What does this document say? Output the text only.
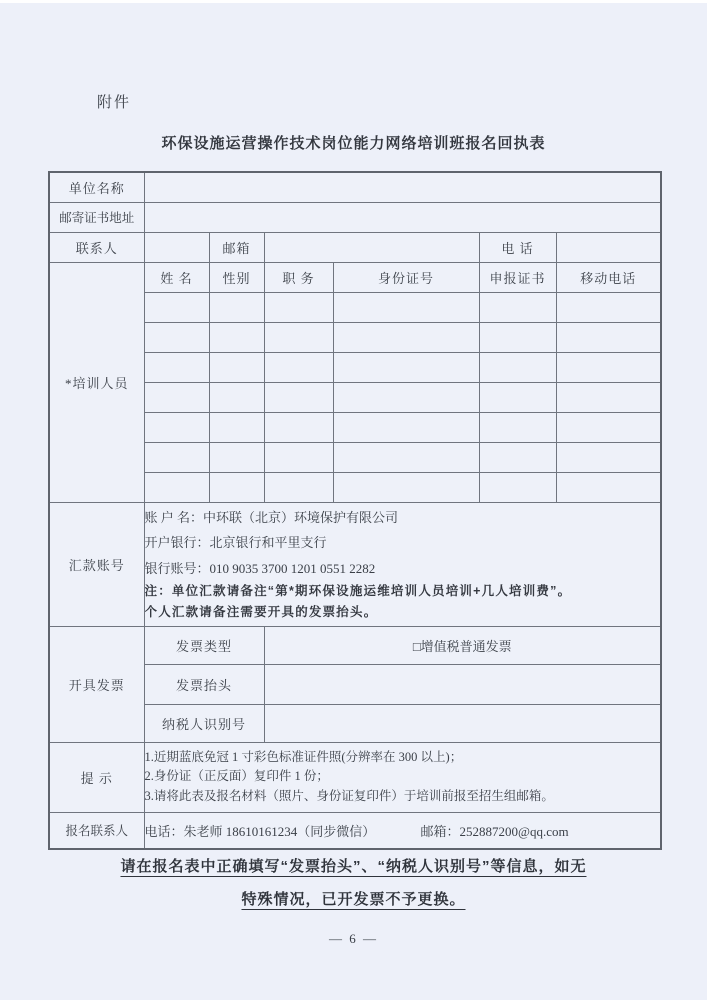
附件
环保设施运营操作技术岗位能力网络培训班报名回执表
单位名称						
邮寄证书地址						
联系人		邮箱			电 话	
*培训人员	姓 名	性别	职 务	身份证号	申报证书	移动电话

汇款账号	账 户 名：中环联（北京）环境保护有限公司
开户银行：北京银行和平里支行
银行账号：010 9035 3700 1201 0551 2282
注：单位汇款请备注“第*期环保设施运维培训人员培训+几人培训费”。
个人汇款请备注需要开具的发票抬头。					

开具发票	发票类型		□增值税普通发票			
	发票抬头					
	纳税人识别号					
提 示	1.近期蓝底免冠 1 寸彩色标准证件照(分辨率在 300 以上)；
2.身份证（正反面）复印件 1 份；
3.请将此表及报名材料（照片、身份证复印件）于培训前报至招生组邮箱。					

报名联系人	电话：朱老师 18610161234（同步微信） 邮箱：252887200@qq.com					
请在报名表中正确填写“发票抬头”、“纳税人识别号”等信息，如无
特殊情况，已开发票不予更换。
— 6 —
